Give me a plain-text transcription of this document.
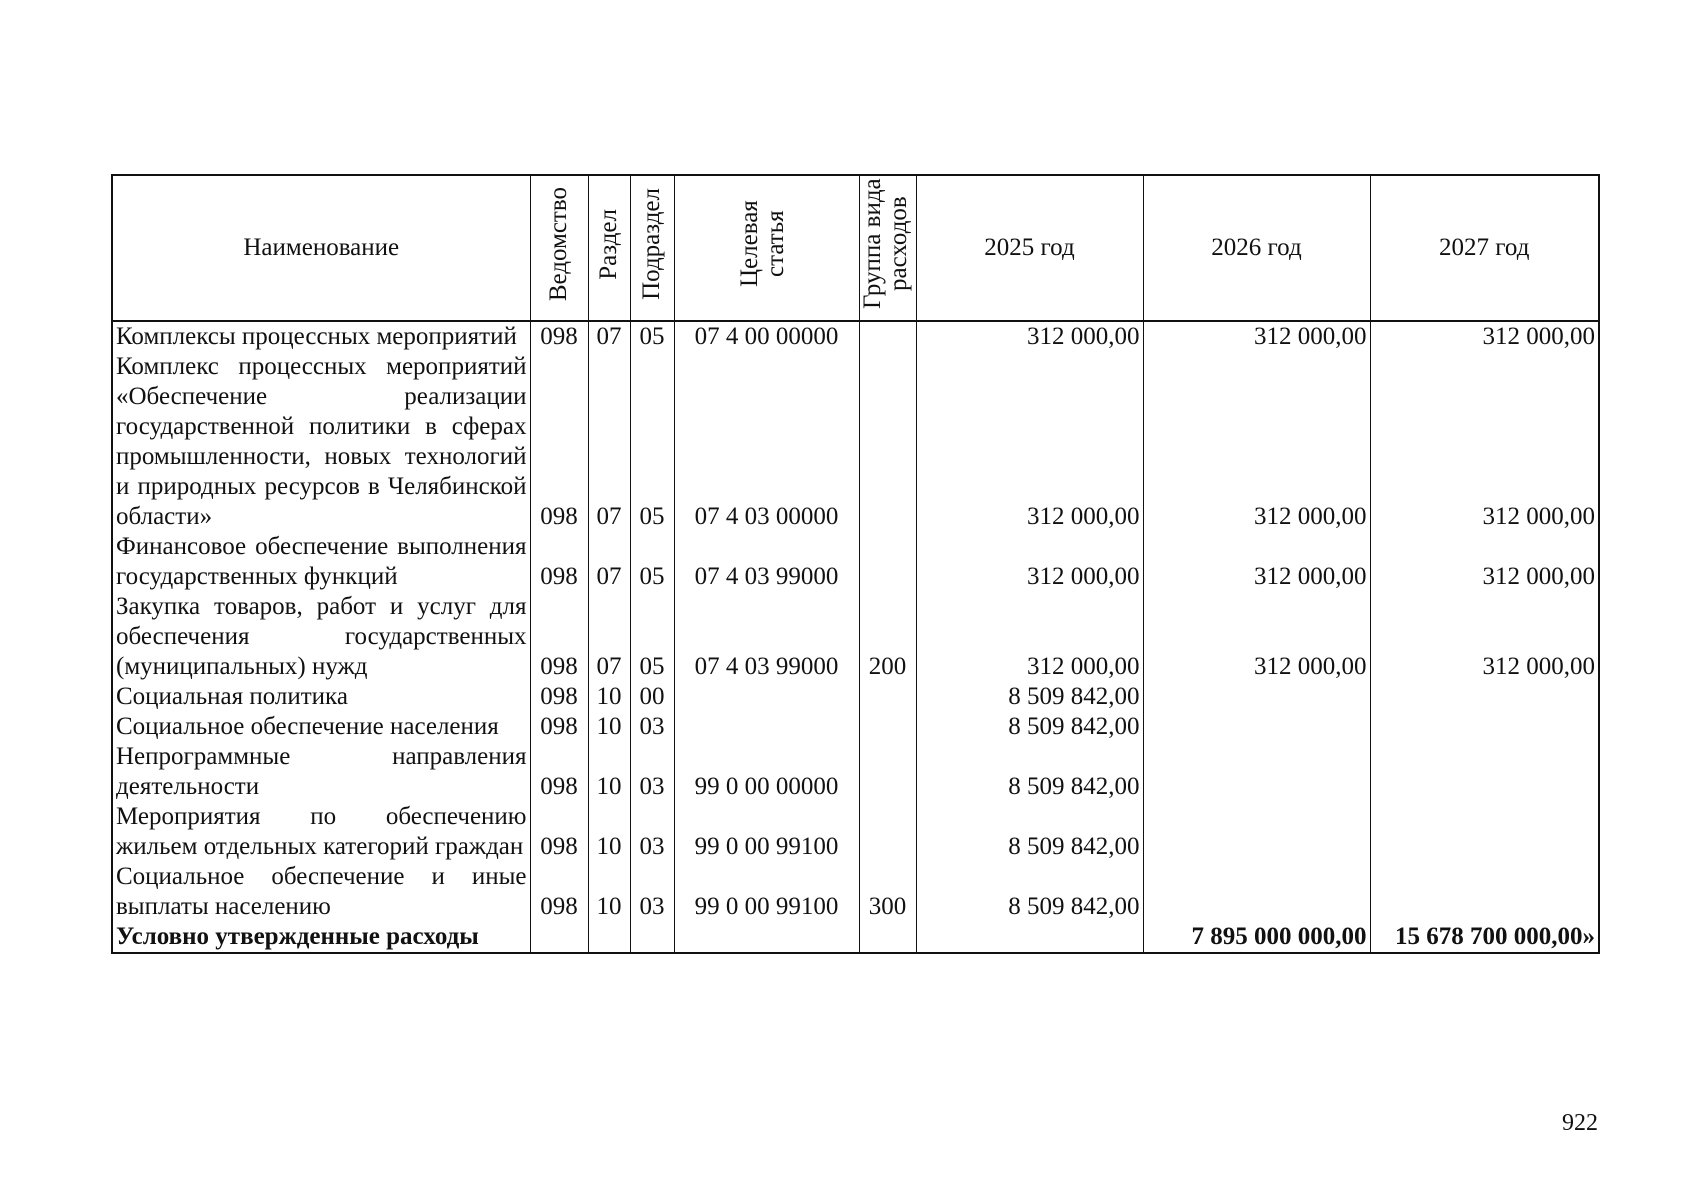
Наименование	Ведомство	Раздел	Подраздел	Целевая статья	Группа вида расходов	2025 год	2026 год	2027 год
Комплексы процессных мероприятий	098	07	05	07 4 00 00000		312 000,00	312 000,00	312 000,00
Комплекс процессных мероприятий «Обеспечение реализации государственной политики в сферах промышленности, новых технологий и природных ресурсов в Челябинской области»	098	07	05	07 4 03 00000		312 000,00	312 000,00	312 000,00
Финансовое обеспечение выполнения государственных функций	098	07	05	07 4 03 99000		312 000,00	312 000,00	312 000,00
Закупка товаров, работ и услуг для обеспечения государственных (муниципальных) нужд	098	07	05	07 4 03 99000	200	312 000,00	312 000,00	312 000,00
Социальная политика	098	10	00			8 509 842,00		
Социальное обеспечение населения	098	10	03			8 509 842,00		
Непрограммные направления деятельности	098	10	03	99 0 00 00000		8 509 842,00		
Мероприятия по обеспечению жильем отдельных категорий граждан	098	10	03	99 0 00 99100		8 509 842,00		
Социальное обеспечение и иные выплаты населению	098	10	03	99 0 00 99100	300	8 509 842,00		
Условно утвержденные расходы							7 895 000 000,00	15 678 700 000,00»
922
